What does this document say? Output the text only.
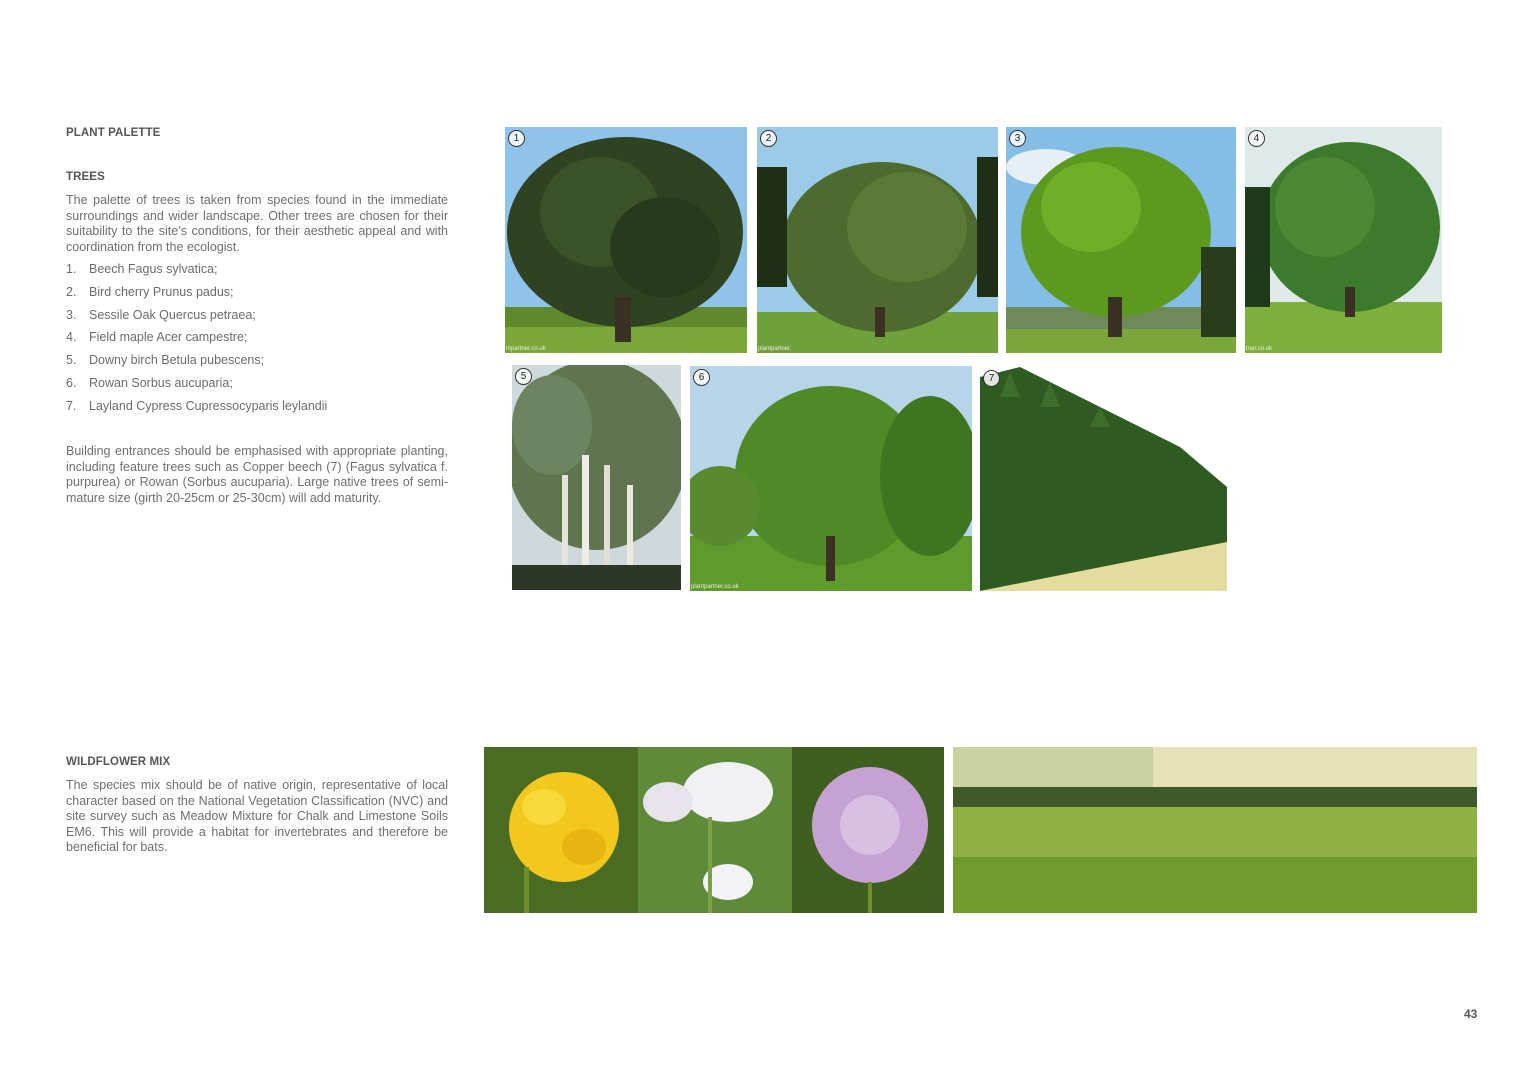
PLANT PALETTE
TREES
The palette of trees is taken from species found in the immediate surroundings and wider landscape. Other trees are chosen for their suitability to the site’s conditions, for their aesthetic appeal and with coordination from the ecologist.
1.	Beech Fagus sylvatica;
2.	Bird cherry Prunus padus;
3.	Sessile Oak Quercus petraea;
4.	Field maple Acer campestre;
5.	Downy birch Betula pubescens;
6.	Rowan Sorbus aucuparia;
7.	Layland Cypress Cupressocyparis leylandii
Building entrances should be emphasised with appropriate planting, including feature trees such as Copper beech (7) (Fagus sylvatica f. purpurea) or Rowan (Sorbus aucuparia). Large native trees of semi-mature size (girth 20-25cm or 25-30cm) will add maturity.
WILDFLOWER MIX
The species mix should be of native origin, representative of local character based on the National Vegetation Classification (NVC) and site survey such as Meadow Mixture for Chalk and Limestone Soils EM6. This will provide a habitat for invertebrates and therefore be beneficial for bats.
1
ntpartner.co.uk
2
plantpartner.
3	4
tner.co.uk
5	6
plantpartner.co.uk
7
43
